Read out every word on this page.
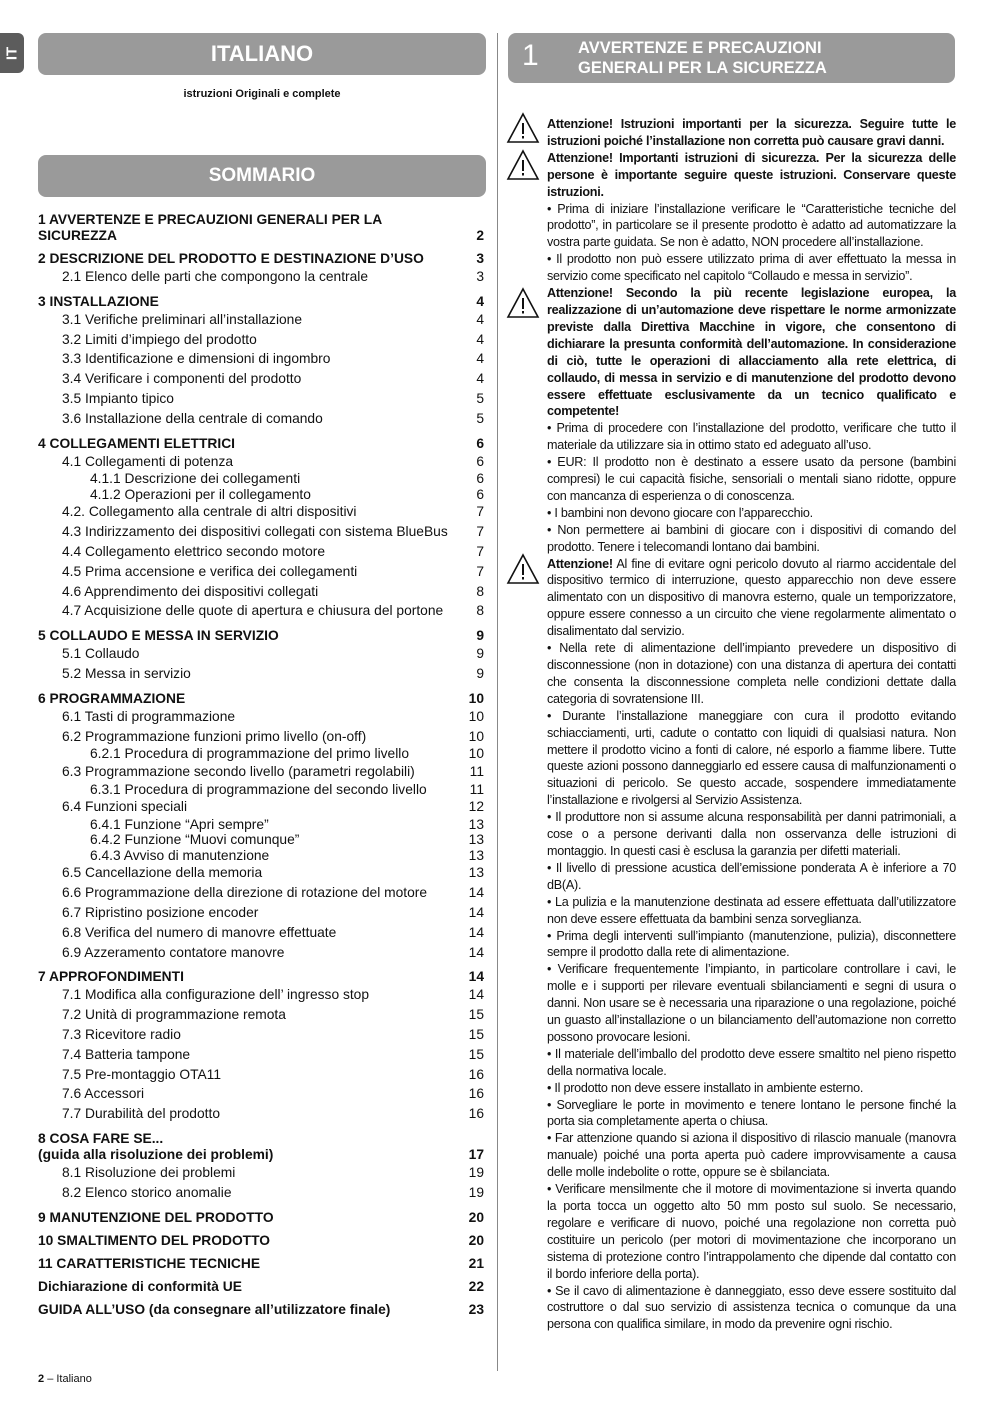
IT	ITALIANO
istruzioni Originali e complete
SOMMARIO
1 AVVERTENZE E PRECAUZIONI
GENERALI PER LA SICUREZZA
1 AVVERTENZE E PRECAUZIONI GENERALI PER LA SICUREZZA	2
2 DESCRIZIONE DEL PRODOTTO E DESTINAZIONE D’USO	3
2.1 Elenco delle parti che compongono la centrale	3
3 INSTALLAZIONE	4
3.1 Verifiche preliminari all’installazione	4
3.2 Limiti d’impiego del prodotto	4
3.3 Identificazione e dimensioni di ingombro	4
3.4 Verificare i componenti del prodotto	4
3.5 Impianto tipico	5
3.6 Installazione della centrale di comando	5
4 COLLEGAMENTI ELETTRICI	6
4.1 Collegamenti di potenza	6
4.1.1 Descrizione dei collegamenti	6
4.1.2 Operazioni per il collegamento	6
4.2. Collegamento alla centrale di altri dispositivi	7
4.3 Indirizzamento dei dispositivi collegati con sistema BlueBus 7
4.4 Collegamento elettrico secondo motore	7
4.5 Prima accensione e verifica dei collegamenti	7
4.6 Apprendimento dei dispositivi collegati	8
4.7 Acquisizione delle quote di apertura e chiusura del portone 8
5 COLLAUDO E MESSA IN SERVIZIO	9
5.1 Collaudo	9
5.2 Messa in servizio	9
6 PROGRAMMAZIONE	10
6.1 Tasti di programmazione	10
6.2 Programmazione funzioni primo livello (on-off)	10
6.2.1 Procedura di programmazione del primo livello	10
6.3 Programmazione secondo livello (parametri regolabili)	11
6.3.1 Procedura di programmazione del secondo livello	11
6.4 Funzioni speciali	12
6.4.1 Funzione “Apri sempre”	13
6.4.2 Funzione “Muovi comunque”	13
6.4.3 Avviso di manutenzione	13
6.5 Cancellazione della memoria	13
6.6 Programmazione della direzione di rotazione del motore	14
6.7 Ripristino posizione encoder	14
6.8 Verifica del numero di manovre effettuate	14
6.9 Azzeramento contatore manovre	14
7 APPROFONDIMENTI	14
7.1 Modifica alla configurazione dell’ ingresso stop	14
7.2 Unità di programmazione remota	15
7.3 Ricevitore radio	15
7.4 Batteria tampone	15
7.5 Pre-montaggio OTA11	16
7.6 Accessori	16
7.7 Durabilità del prodotto	16
8 COSA FARE SE...
(guida alla risoluzione dei problemi)	17
8.1 Risoluzione dei problemi	19
8.2 Elenco storico anomalie	19
9 MANUTENZIONE DEL PRODOTTO	20
10 SMALTIMENTO DEL PRODOTTO	20
11 CARATTERISTICHE TECNICHE	21
Dichiarazione di conformità UE	22
GUIDA ALL’USO (da consegnare all’utilizzatore finale)	23

Attenzione! Istruzioni importanti per la sicurezza. Seguire tutte le istruzioni poiché l’installazione non corretta può causare gravi danni.

Attenzione! Importanti istruzioni di sicurezza. Per la sicurezza delle persone è importante seguire queste istruzioni. Conservare queste istruzioni.

• Prima di iniziare l’installazione verificare le “Caratteristiche tecniche del prodotto”, in particolare se il presente prodotto è adatto ad automatizzare la vostra parte guidata. Se non è adatto, NON procedere all’installazione.

• Il prodotto non può essere utilizzato prima di aver effettuato la messa in servizio come specificato nel capitolo “Collaudo e messa in servizio”.

Attenzione! Secondo la più recente legislazione europea, la realizzazione di un’automazione deve rispettare le norme armonizzate previste dalla Direttiva Macchine in vigore, che consentono di dichiarare la presunta conformità dell’automazione. In considerazione di ciò, tutte le operazioni di allacciamento alla rete elettrica, di collaudo, di messa in servizio e di manutenzione del prodotto devono essere effettuate esclusivamente da un tecnico qualificato e competente!

• Prima di procedere con l’installazione del prodotto, verificare che tutto il materiale da utilizzare sia in ottimo stato ed adeguato all’uso.

• EUR: Il prodotto non è destinato a essere usato da persone (bambini compresi) le cui capacità fisiche, sensoriali o mentali siano ridotte, oppure con mancanza di esperienza o di conoscenza.

• I bambini non devono giocare con l’apparecchio.

• Non permettere ai bambini di giocare con i dispositivi di comando del prodotto. Tenere i telecomandi lontano dai bambini.

Attenzione! Al fine di evitare ogni pericolo dovuto al riarmo accidentale del dispositivo termico di interruzione, questo apparecchio non deve essere alimentato con un dispositivo di manovra esterno, quale un temporizzatore, oppure essere connesso a un circuito che viene regolarmente alimentato o disalimentato dal servizio.

• Nella rete di alimentazione dell’impianto prevedere un dispositivo di disconnessione (non in dotazione) con una distanza di apertura dei contatti che consenta la disconnessione completa nelle condizioni dettate dalla categoria di sovratensione III.

• Durante l’installazione maneggiare con cura il prodotto evitando schiacciamenti, urti, cadute o contatto con liquidi di qualsiasi natura. Non mettere il prodotto vicino a fonti di calore, né esporlo a fiamme libere. Tutte queste azioni possono danneggiarlo ed essere causa di malfunzionamenti o situazioni di pericolo. Se questo accade, sospendere immediatamente l’installazione e rivolgersi al Servizio Assistenza.

• Il produttore non si assume alcuna responsabilità per danni patrimoniali, a cose o a persone derivanti dalla non osservanza delle istruzioni di montaggio. In questi casi è esclusa la garanzia per difetti materiali.

• Il livello di pressione acustica dell’emissione ponderata A è inferiore a 70 dB(A).

• La pulizia e la manutenzione destinata ad essere effettuata dall’utilizzatore non deve essere effettuata da bambini senza sorveglianza.

• Prima degli interventi sull’impianto (manutenzione, pulizia), disconnettere sempre il prodotto dalla rete di alimentazione.

• Verificare frequentemente l’impianto, in particolare controllare i cavi, le molle e i supporti per rilevare eventuali sbilanciamenti e segni di usura o danni. Non usare se è necessaria una riparazione o una regolazione, poiché un guasto all’installazione o un bilanciamento dell’automazione non corretto possono provocare lesioni.

• Il materiale dell’imballo del prodotto deve essere smaltito nel pieno rispetto della normativa locale.

• Il prodotto non deve essere installato in ambiente esterno.

• Sorvegliare le porte in movimento e tenere lontano le persone finché la porta sia completamente aperta o chiusa.

• Far attenzione quando si aziona il dispositivo di rilascio manuale (manovra manuale) poiché una porta aperta può cadere improvvisamente a causa delle molle indebolite o rotte, oppure se è sbilanciata.

• Verificare mensilmente che il motore di movimentazione si inverta quando la porta tocca un oggetto alto 50 mm posto sul suolo. Se necessario, regolare e verificare di nuovo, poiché una regolazione non corretta può costituire un pericolo (per motori di movimentazione che incorporano un sistema di protezione contro l’intrappolamento che dipende dal contatto con il bordo inferiore della porta).

• Se il cavo di alimentazione è danneggiato, esso deve essere sostituito dal costruttore o dal suo servizio di assistenza tecnica o comunque da una persona con qualifica similare, in modo da prevenire ogni rischio.

2 – Italiano
